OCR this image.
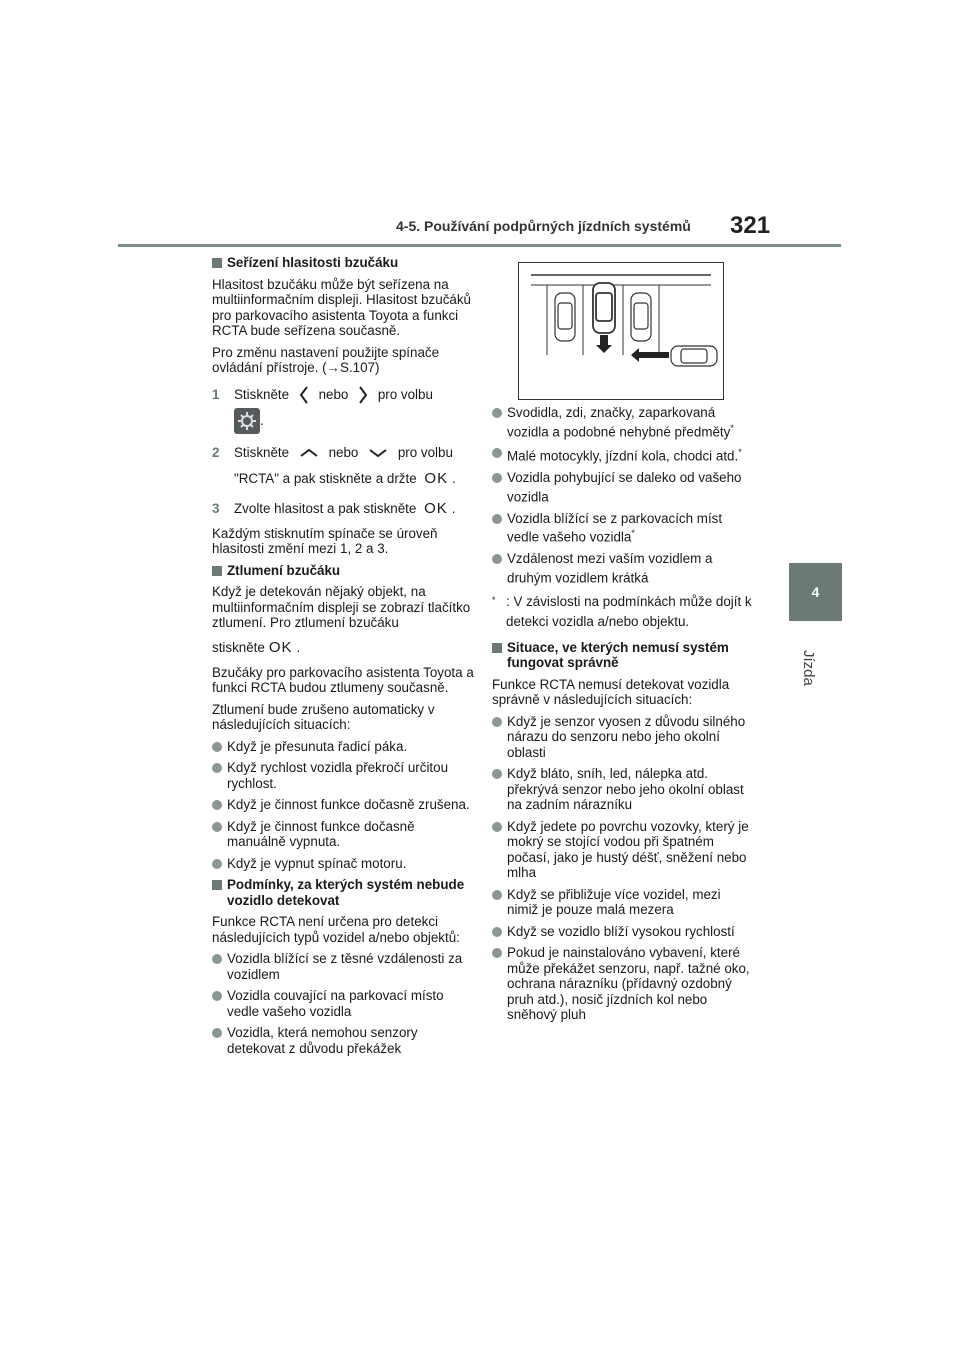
4-5. Používání podpůrných jízdních systémů 321
4
Jízda
Seřízení hlasitosti bzučáku

Hlasitost bzučáku může být seřízena na multiinformačním displeji. Hlasitost bzučáků pro parkovacího asistenta Toyota a funkci RCTA bude seřízena současně.

Pro změnu nastavení použijte spínače ovládání přístroje. (→S.107)

1 Stiskněte nebo pro volbu
.
2 Stiskněte	nebo	pro volbu
"RCTA" a pak stiskněte a držte OK .
3 Zvolte hlasitost a pak stiskněte OK .

Každým stisknutím spínače se úroveň hlasitosti změní mezi 1, 2 a 3.

Ztlumení bzučáku

Když je detekován nějaký objekt, na multiinformačním displeji se zobrazí tlačítko ztlumení. Pro ztlumení bzučáku

stiskněte OK .

Bzučáky pro parkovacího asistenta Toyota a funkci RCTA budou ztlumeny současně.

Ztlumení bude zrušeno automaticky v následujících situacích:

Když je přesunuta řadicí páka.
Když rychlost vozidla překročí určitou rychlost.
Když je činnost funkce dočasně zrušena.
Když je činnost funkce dočasně manuálně vypnuta.
Když je vypnut spínač motoru.
Podmínky, za kterých systém nebude vozidlo detekovat

Funkce RCTA není určena pro detekci následujících typů vozidel a/nebo objektů:

Vozidla blížící se z těsné vzdálenosti za vozidlem
Vozidla couvající na parkovací místo vedle vašeho vozidla
Vozidla, která nemohou senzory detekovat z důvodu překážek
Svodidla, zdi, značky, zaparkovaná vozidla a podobné nehybné předměty*
Malé motocykly, jízdní kola, chodci atd.*
Vozidla pohybující se daleko od vašeho vozidla
Vozidla blížící se z parkovacích míst vedle vašeho vozidla*
Vzdálenost mezi vaším vozidlem a druhým vozidlem krátká
* : V závislosti na podmínkách může dojít k detekci vozidla a/nebo objektu.
Situace, ve kterých nemusí systém fungovat správně

Funkce RCTA nemusí detekovat vozidla správně v následujících situacích:

Když je senzor vyosen z důvodu silného nárazu do senzoru nebo jeho okolní oblasti
Když bláto, sníh, led, nálepka atd. překrývá senzor nebo jeho okolní oblast na zadním nárazníku
Když jedete po povrchu vozovky, který je mokrý se stojící vodou při špatném počasí, jako je hustý déšť, sněžení nebo mlha
Když se přibližuje více vozidel, mezi nimiž je pouze malá mezera
Když se vozidlo blíží vysokou rychlostí
Pokud je nainstalováno vybavení, které může překážet senzoru, např. tažné oko, ochrana nárazníku (přídavný ozdobný pruh atd.), nosič jízdních kol nebo sněhový pluh
